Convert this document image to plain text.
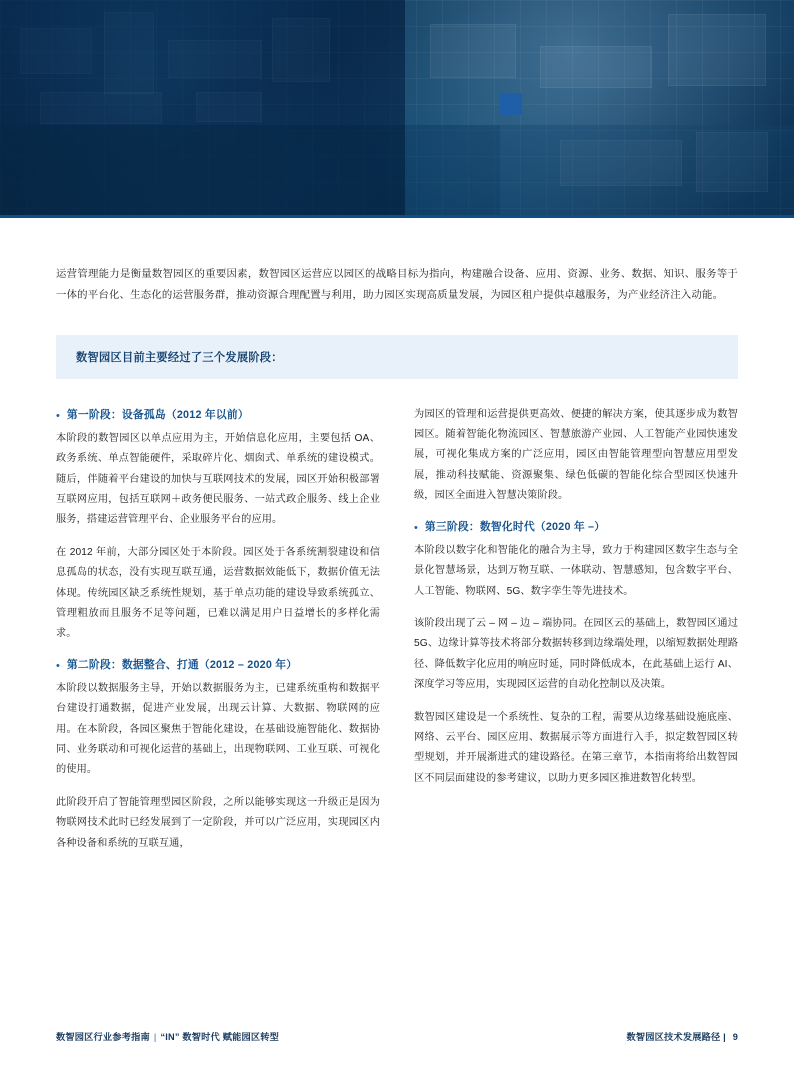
运营管理能力是衡量数智园区的重要因素，数智园区运营应以园区的战略目标为指向，构建融合设备、应用、资源、业务、数据、知识、服务等于一体的平台化、生态化的运营服务群，推动资源合理配置与利用，助力园区实现高质量发展，为园区租户提供卓越服务，为产业经济注入动能。
数智园区目前主要经过了三个发展阶段：
• 第一阶段：设备孤岛（2012 年以前）

本阶段的数智园区以单点应用为主，开始信息化应用，主要包括 OA、政务系统、单点智能硬件，采取碎片化、烟囱式、单系统的建设模式。随后，伴随着平台建设的加快与互联网技术的发展，园区开始积极部署互联网应用，包括互联网＋政务便民服务、一站式政企服务、线上企业服务，搭建运营管理平台、企业服务平台的应用。

在 2012 年前，大部分园区处于本阶段。园区处于各系统割裂建设和信息孤岛的状态，没有实现互联互通，运营数据效能低下，数据价值无法体现。传统园区缺乏系统性规划，基于单点功能的建设导致系统孤立、管理粗放而且服务不足等问题，已难以满足用户日益增长的多样化需求。

• 第二阶段：数据整合、打通（2012 – 2020 年）

本阶段以数据服务主导，开始以数据服务为主，已建系统重构和数据平台建设打通数据，促进产业发展，出现云计算、大数据、物联网的应用。在本阶段，各园区聚焦于智能化建设，在基础设施智能化、数据协同、业务联动和可视化运营的基础上，出现物联网、工业互联、可视化的使用。

此阶段开启了智能管理型园区阶段，之所以能够实现这一升级正是因为物联网技术此时已经发展到了一定阶段，并可以广泛应用，实现园区内各种设备和系统的互联互通，

为园区的管理和运营提供更高效、便捷的解决方案，使其逐步成为数智园区。随着智能化物流园区、智慧旅游产业园、人工智能产业园快速发展，可视化集成方案的广泛应用，园区由智能管理型向智慧应用型发展，推动科技赋能、资源聚集、绿色低碳的智能化综合型园区快速升级，园区全面进入智慧决策阶段。

• 第三阶段：数智化时代（2020 年 –）

本阶段以数字化和智能化的融合为主导，致力于构建园区数字生态与全景化智慧场景，达到万物互联、一体联动、智慧感知，包含数字平台、人工智能、物联网、5G、数字孪生等先进技术。

该阶段出现了云 – 网 – 边 – 端协同。在园区云的基础上，数智园区通过 5G、边缘计算等技术将部分数据转移到边缘端处理，以缩短数据处理路径、降低数字化应用的响应时延，同时降低成本，在此基础上运行 AI、深度学习等应用，实现园区运营的自动化控制以及决策。

数智园区建设是一个系统性、复杂的工程，需要从边缘基础设施底座、网络、云平台、园区应用、数据展示等方面进行入手，拟定数智园区转型规划，并开展渐进式的建设路径。在第三章节，本指南将给出数智园区不同层面建设的参考建议，以助力更多园区推进数智化转型。

数智园区行业参考指南 | “IN” 数智时代 赋能园区转型	数智园区技术发展路径 | 9
